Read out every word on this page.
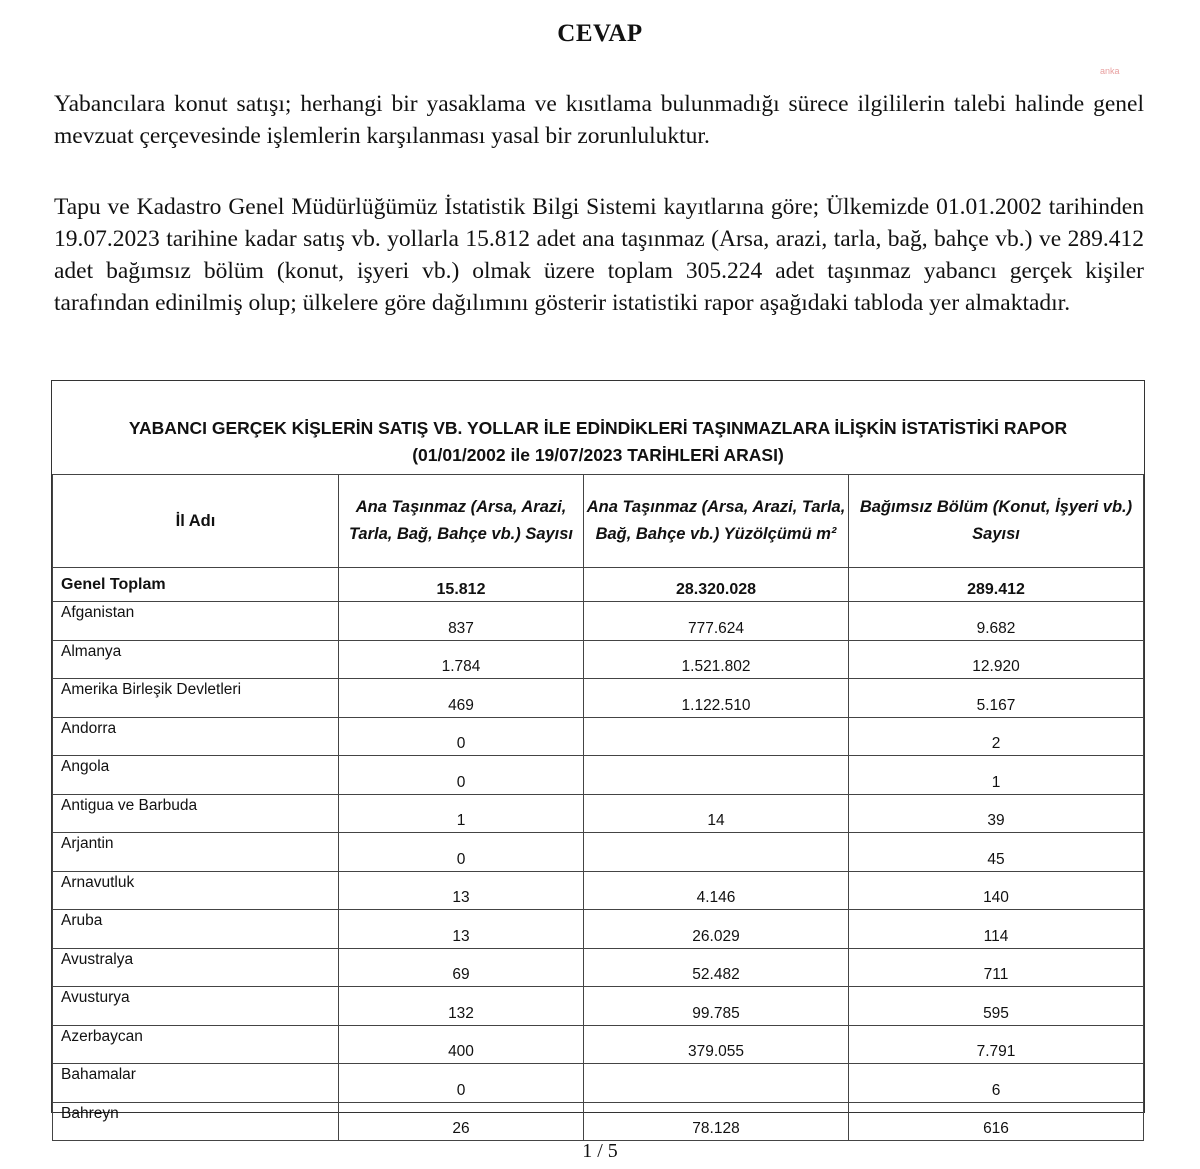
CEVAP
anka

Yabancılara konut satışı; herhangi bir yasaklama ve kısıtlama bulunmadığı sürece ilgililerin talebi halinde genel mevzuat çerçevesinde işlemlerin karşılanması yasal bir zorunluluktur.

Tapu ve Kadastro Genel Müdürlüğümüz İstatistik Bilgi Sistemi kayıtlarına göre; Ülkemizde 01.01.2002 tarihinden 19.07.2023 tarihine kadar satış vb. yollarla 15.812 adet ana taşınmaz (Arsa, arazi, tarla, bağ, bahçe vb.) ve 289.412 adet bağımsız bölüm (konut, işyeri vb.) olmak üzere toplam 305.224 adet taşınmaz yabancı gerçek kişiler tarafından edinilmiş olup; ülkelere göre dağılımını gösterir istatistiki rapor aşağıdaki tabloda yer almaktadır.

YABANCI GERÇEK KİŞLERİN SATIŞ VB. YOLLAR İLE EDİNDİKLERİ TAŞINMAZLARA İLİŞKİN İSTATİSTİKİ RAPOR
(01/01/2002 ile 19/07/2023 TARİHLERİ ARASI)
İl Adı	Ana Taşınmaz (Arsa, Arazi, Tarla, Bağ, Bahçe vb.) Sayısı	Ana Taşınmaz (Arsa, Arazi, Tarla, Bağ, Bahçe vb.) Yüzölçümü m²	Bağımsız Bölüm (Konut, İşyeri vb.) Sayısı
Genel Toplam	15.812	28.320.028	289.412
Afganistan	837	777.624	9.682
Almanya	1.784	1.521.802	12.920
Amerika Birleşik Devletleri	469	1.122.510	5.167
Andorra	0		2
Angola	0		1
Antigua ve Barbuda	1	14	39
Arjantin	0		45
Arnavutluk	13	4.146	140
Aruba	13	26.029	114
Avustralya	69	52.482	711
Avusturya	132	99.785	595
Azerbaycan	400	379.055	7.791
Bahamalar	0		6
Bahreyn	26	78.128	616
1 / 5
